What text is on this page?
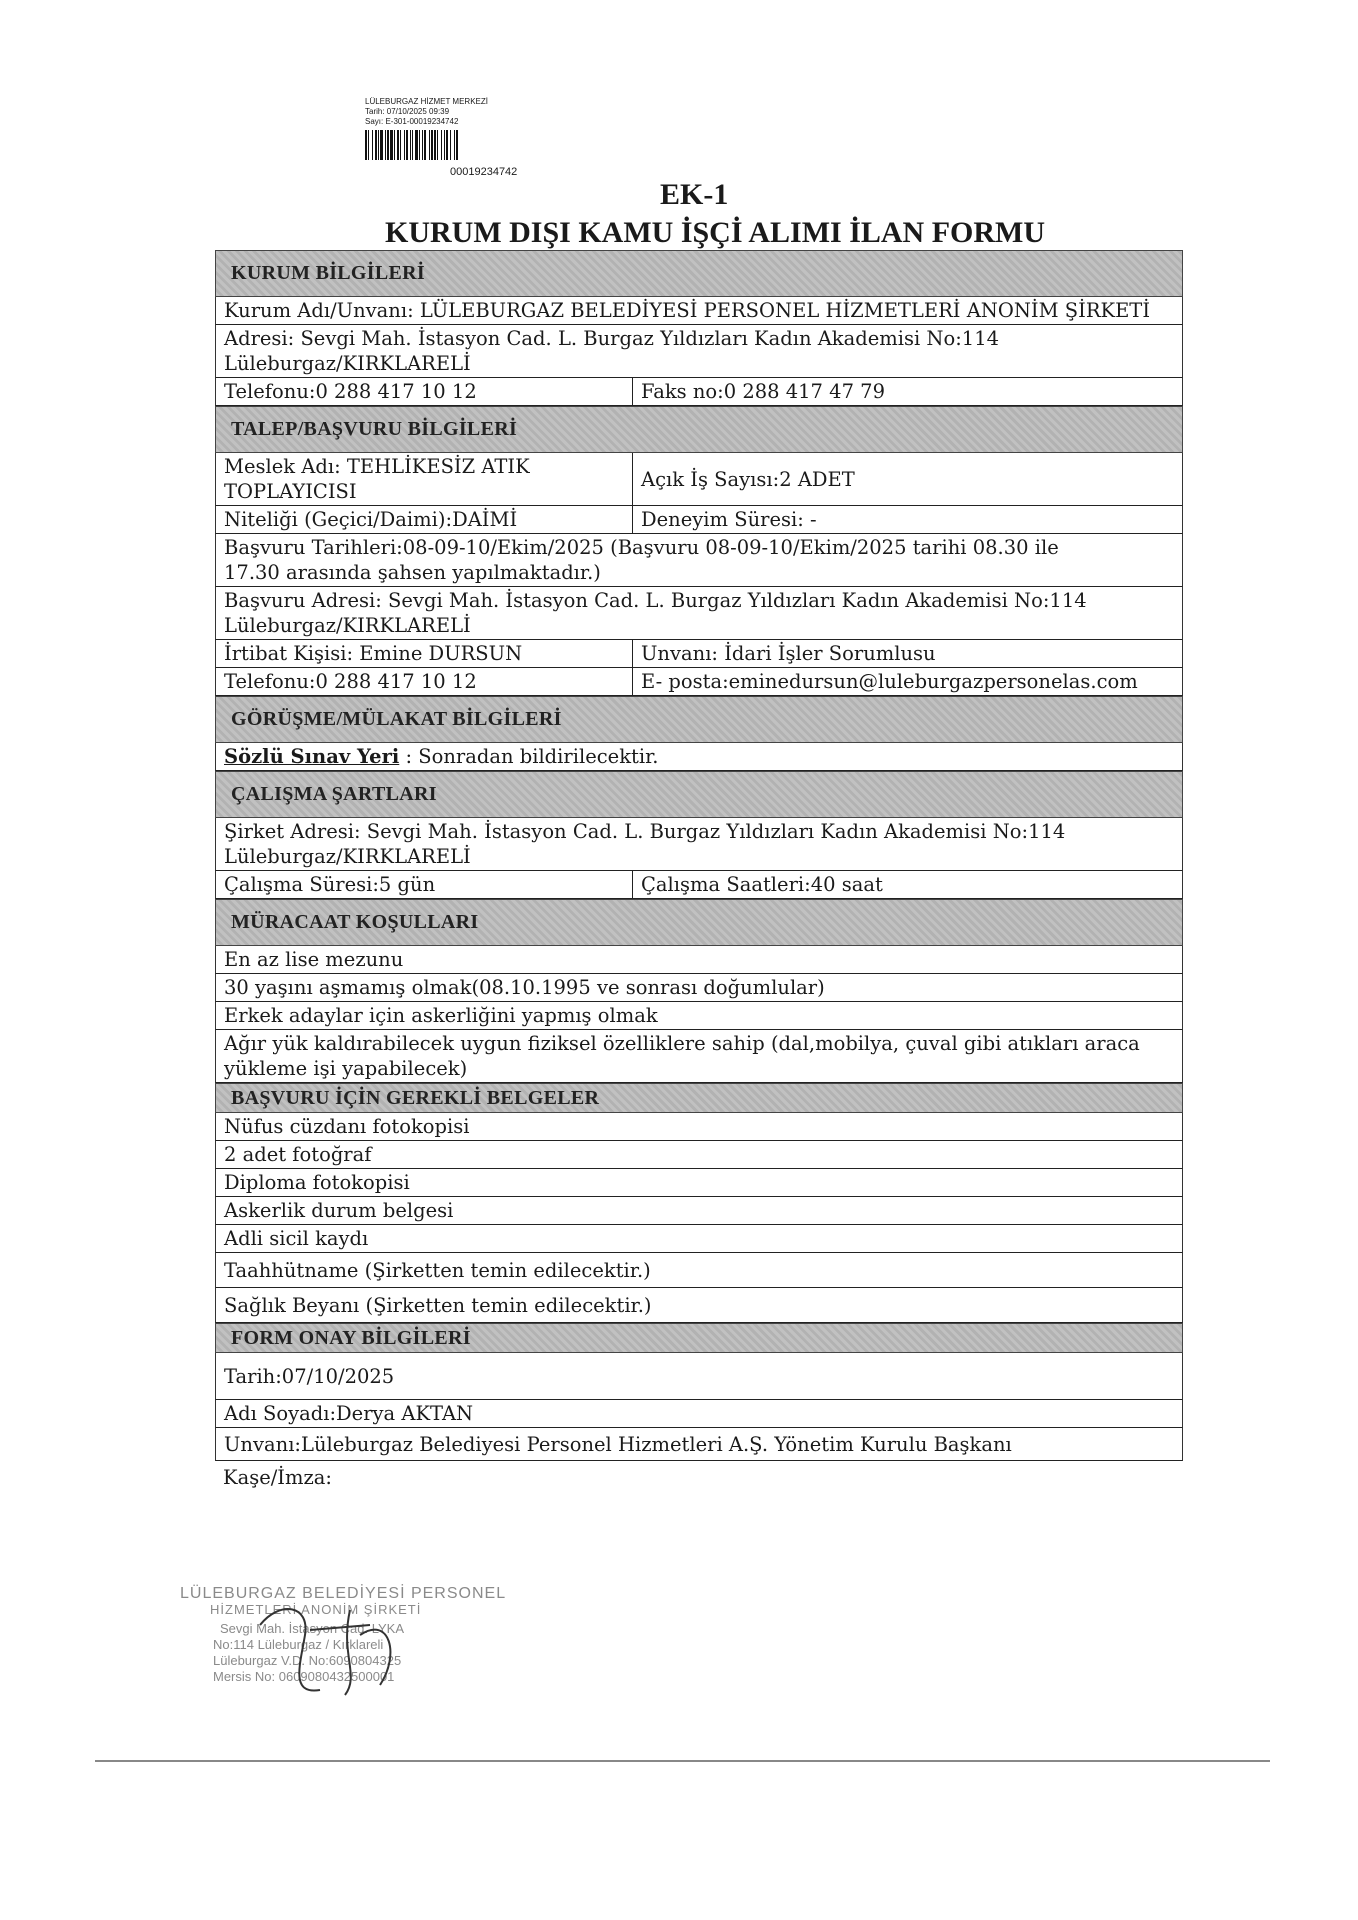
LÜLEBURGAZ HİZMET MERKEZİ
Tarih: 07/10/2025 09:39
Sayı: E-301-00019234742
00019234742
EK-1
KURUM DIŞI KAMU İŞÇİ ALIMI İLAN FORMU
KURUM BİLGİLERİ
Kurum Adı/Unvanı: LÜLEBURGAZ BELEDİYESİ PERSONEL HİZMETLERİ ANONİM ŞİRKETİ
Adresi: Sevgi Mah. İstasyon Cad. L. Burgaz Yıldızları Kadın Akademisi No:114
Lüleburgaz/KIRKLARELİ
Telefonu:0 288 417 10 12	Faks no:0 288 417 47 79
TALEP/BAŞVURU BİLGİLERİ
Meslek Adı: TEHLİKESİZ ATIK
TOPLAYICISI
Açık İş Sayısı:2 ADET
Niteliği (Geçici/Daimi):DAİMİ	Deneyim Süresi: -
Başvuru Tarihleri:08-09-10/Ekim/2025 (Başvuru 08-09-10/Ekim/2025 tarihi 08.30 ile
17.30 arasında şahsen yapılmaktadır.)
Başvuru Adresi: Sevgi Mah. İstasyon Cad. L. Burgaz Yıldızları Kadın Akademisi No:114
Lüleburgaz/KIRKLARELİ
İrtibat Kişisi: Emine DURSUN	Unvanı: İdari İşler Sorumlusu
Telefonu:0 288 417 10 12	E- posta:eminedursun@luleburgazpersonelas.com
GÖRÜŞME/MÜLAKAT BİLGİLERİ
Sözlü Sınav Yeri : Sonradan bildirilecektir.
ÇALIŞMA ŞARTLARI
Şirket Adresi: Sevgi Mah. İstasyon Cad. L. Burgaz Yıldızları Kadın Akademisi No:114
Lüleburgaz/KIRKLARELİ
Çalışma Süresi:5 gün	Çalışma Saatleri:40 saat
MÜRACAAT KOŞULLARI
En az lise mezunu
30 yaşını aşmamış olmak(08.10.1995 ve sonrası doğumlular)
Erkek adaylar için askerliğini yapmış olmak
Ağır yük kaldırabilecek uygun fiziksel özelliklere sahip (dal,mobilya, çuval gibi atıkları araca
yükleme işi yapabilecek)
BAŞVURU İÇİN GEREKLİ BELGELER
Nüfus cüzdanı fotokopisi
2 adet fotoğraf
Diploma fotokopisi
Askerlik durum belgesi
Adli sicil kaydı
Taahhütname (Şirketten temin edilecektir.)
Sağlık Beyanı (Şirketten temin edilecektir.)
FORM ONAY BİLGİLERİ
Tarih:07/10/2025
Adı Soyadı:Derya AKTAN
Unvanı:Lüleburgaz Belediyesi Personel Hizmetleri A.Ş. Yönetim Kurulu Başkanı
Kaşe/İmza:
LÜLEBURGAZ BELEDİYESİ PERSONEL
HİZMETLERİ ANONİM ŞİRKETİ
Sevgi Mah. İstasyon Cad. LYKA
No:114 Lüleburgaz / Kırklareli
Lüleburgaz V.D. No:6090804325
Mersis No: 0609080432500001
